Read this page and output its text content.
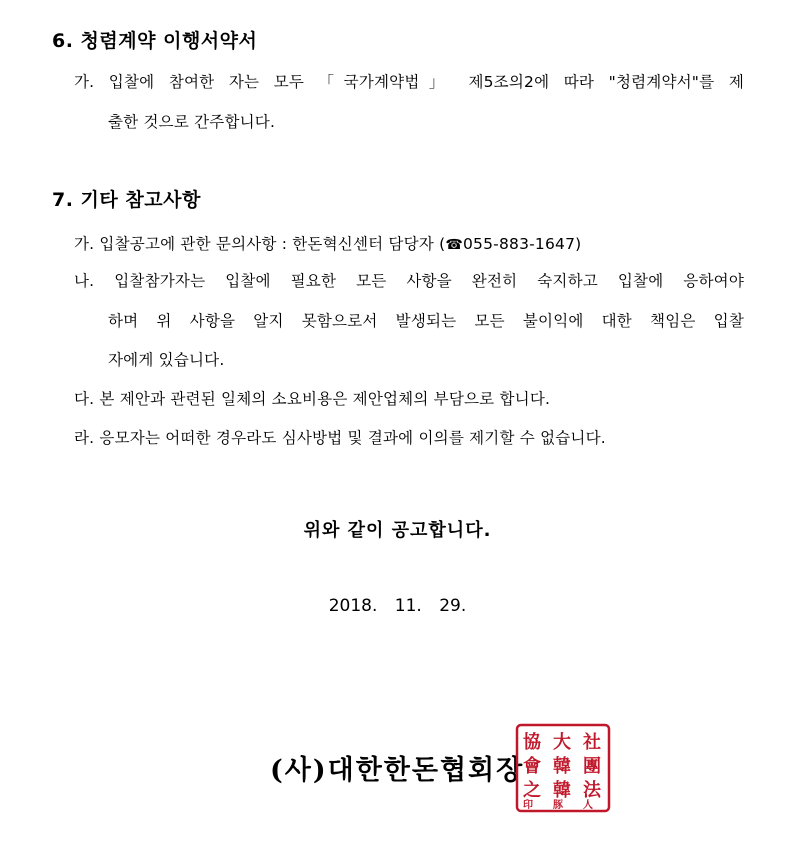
6. 청렴계약 이행서약서
가. 입찰에 참여한 자는 모두 「국가계약법」 제5조의2에 따라 "청렴계약서"를 제
출한 것으로 간주합니다.
7. 기타 참고사항
가. 입찰공고에 관한 문의사항 : 한돈혁신센터 담당자 (☎055-883-1647)
나. 입찰참가자는 입찰에 필요한 모든 사항을 완전히 숙지하고 입찰에 응하여야
하며 위 사항을 알지 못함으로서 발생되는 모든 불이익에 대한 책임은 입찰
자에게 있습니다.
다. 본 제안과 관련된 일체의 소요비용은 제안업체의 부담으로 합니다.
라. 응모자는 어떠한 경우라도 심사방법 및 결과에 이의를 제기할 수 없습니다.
위와 같이 공고합니다.
2018. 11. 29.
(사)대한한돈협회장
社
團
法
大
韓
韓
協
會
之
豚
印	人
